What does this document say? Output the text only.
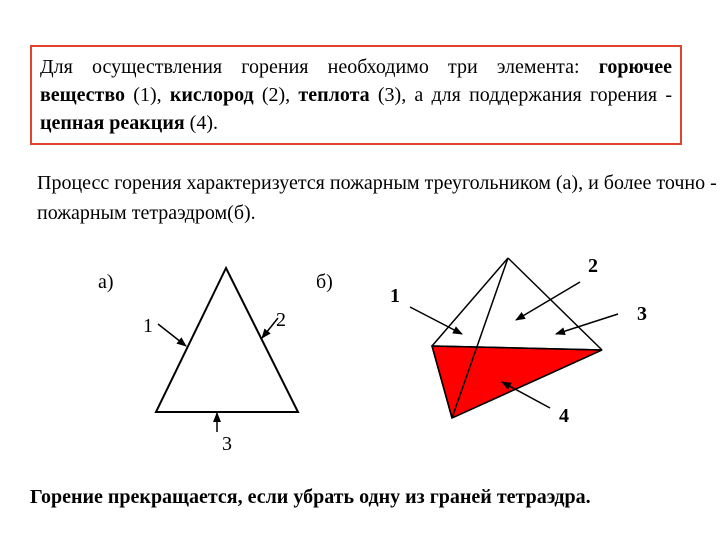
Для осуществления горения необходимо три элемента: горючее вещество (1), кислород (2), теплота (3), а для поддержания горения - цепная реакция (4).
Процесс горения характеризуется пожарным треугольником (а), и более точно - пожарным тетраэдром(б).
а)
1	2
3
б)
1
2
3
4
Горение прекращается, если убрать одну из граней тетраэдра.
